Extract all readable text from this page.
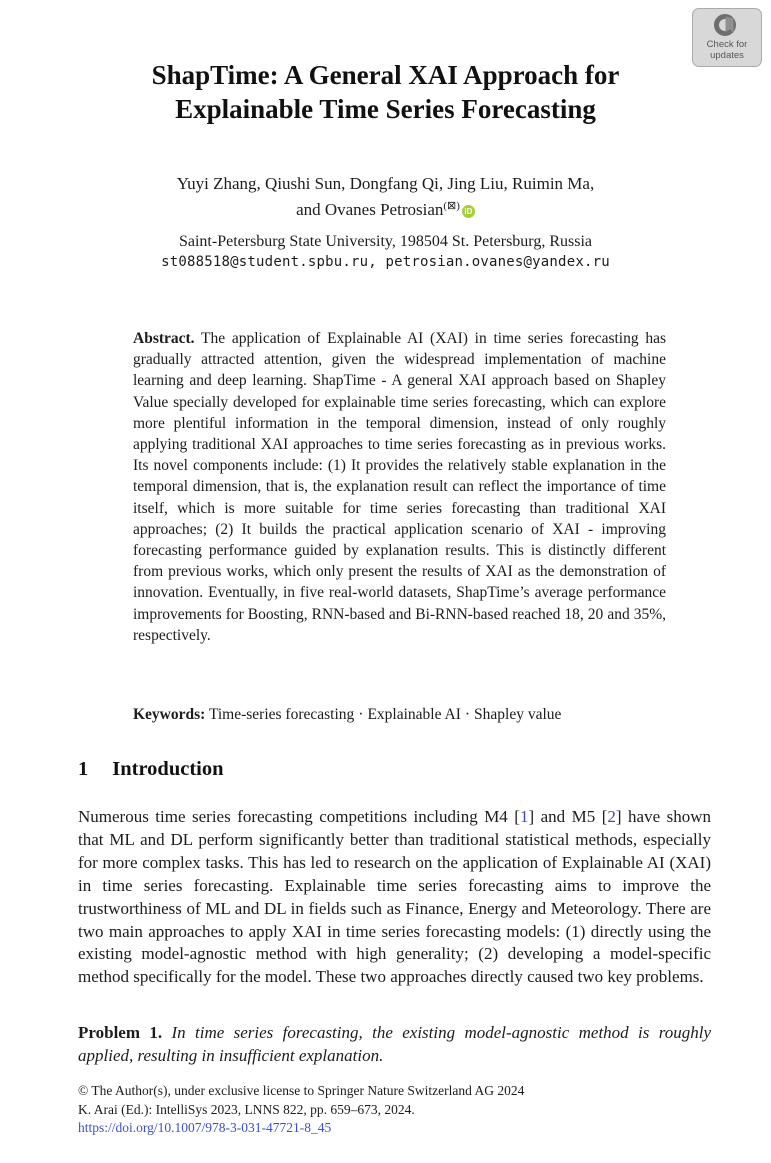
Check for
updates
ShapTime: A General XAI Approach for
Explainable Time Series Forecasting
Yuyi Zhang, Qiushi Sun, Dongfang Qi, Jing Liu, Ruimin Ma,
and Ovanes Petrosian(⊠) iD
Saint-Petersburg State University, 198504 St. Petersburg, Russia
st088518@student.spbu.ru, petrosian.ovanes@yandex.ru
Abstract. The application of Explainable AI (XAI) in time series forecasting has gradually attracted attention, given the widespread implementation of machine learning and deep learning. ShapTime - A general XAI approach based on Shapley Value specially developed for explainable time series forecasting, which can explore more plentiful information in the temporal dimension, instead of only roughly applying traditional XAI approaches to time series forecasting as in previous works. Its novel components include: (1) It provides the relatively stable explanation in the temporal dimension, that is, the explanation result can reflect the importance of time itself, which is more suitable for time series forecasting than traditional XAI approaches; (2) It builds the practical application scenario of XAI - improving forecasting performance guided by explanation results. This is distinctly different from previous works, which only present the results of XAI as the demonstration of innovation. Eventually, in five real-world datasets, ShapTime’s average performance improvements for Boosting, RNN-based and Bi-RNN-based reached 18, 20 and 35%, respectively.
Keywords: Time-series forecasting · Explainable AI · Shapley value
1 Introduction
Numerous time series forecasting competitions including M4 [1] and M5 [2] have shown that ML and DL perform significantly better than traditional statistical methods, especially for more complex tasks. This has led to research on the application of Explainable AI (XAI) in time series forecasting. Explainable time series forecasting aims to improve the trustworthiness of ML and DL in fields such as Finance, Energy and Meteorology. There are two main approaches to apply XAI in time series forecasting models: (1) directly using the existing model-agnostic method with high generality; (2) developing a model-specific method specifically for the model. These two approaches directly caused two key problems.
Problem 1. In time series forecasting, the existing model-agnostic method is roughly applied, resulting in insufficient explanation.
© The Author(s), under exclusive license to Springer Nature Switzerland AG 2024
K. Arai (Ed.): IntelliSys 2023, LNNS 822, pp. 659–673, 2024.
https://doi.org/10.1007/978-3-031-47721-8_45
